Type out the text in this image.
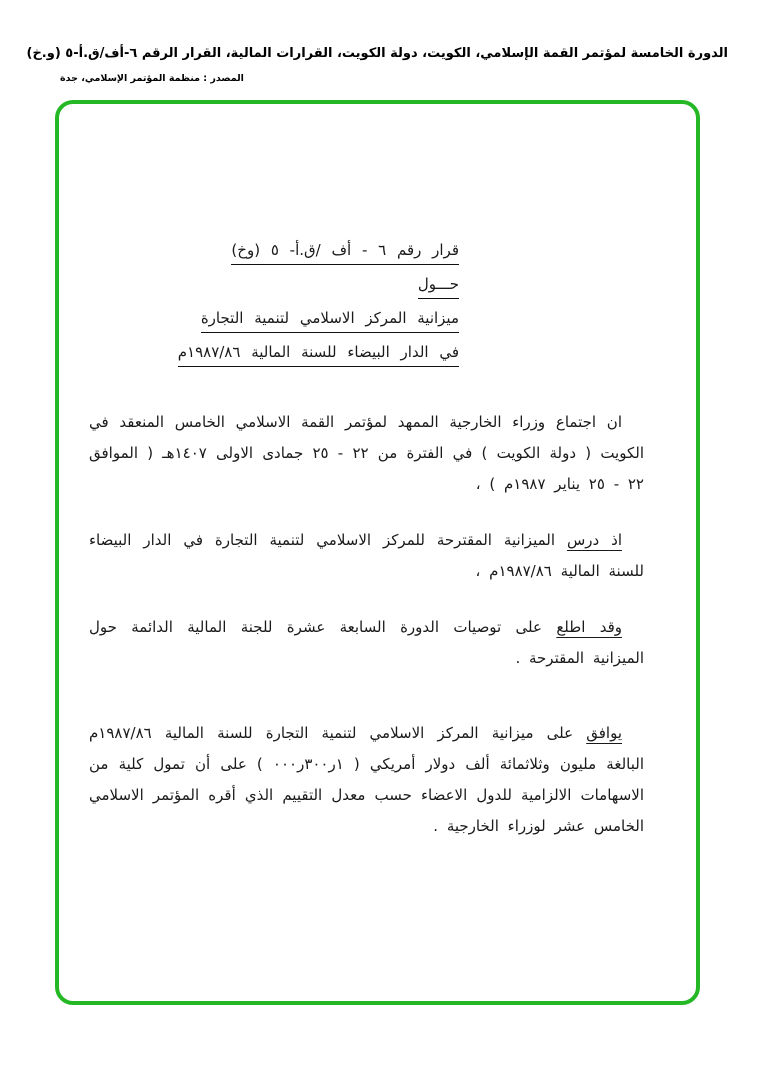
الدورة الخامسة لمؤتمر القمة الإسلامي، الكويت، دولة الكويت، القرارات المالية، القرار الرقم ٦-أف/ق.أ-٥ (و.خ)
المصدر : منظمة المؤتمر الإسلامي، جدة
قرار رقم ٦ - أف /ق.أ- ٥ (وخ)
حـــول
ميزانية المركز الاسلامي لتنمية التجارة
في الدار البيضاء للسنة المالية ١٩٨٧/٨٦م

ان اجتماع وزراء الخارجية الممهد لمؤتمر القمة الاسلامي الخامس المنعقد في الكويت ( دولة الكويت ) في الفترة من ٢٢ - ٢٥ جمادى الاولى ١٤٠٧هـ ( الموافق ٢٢ - ٢٥ يناير ١٩٨٧م ) ،

اذ درس الميزانية المقترحة للمركز الاسلامي لتنمية التجارة في الدار البيضاء للسنة المالية ١٩٨٧/٨٦م ،

وقد اطلع على توصيات الدورة السابعة عشرة للجنة المالية الدائمة حول الميزانية المقترحة .

يوافق على ميزانية المركز الاسلامي لتنمية التجارة للسنة المالية ١٩٨٧/٨٦م البالغة مليون وثلاثمائة ألف دولار أمريكي ( ١ر٣٠٠ر٠٠٠ ) على أن تمول كلية من الاسهامات الالزامية للدول الاعضاء حسب معدل التقييم الذي أقره المؤتمر الاسلامي الخامس عشر لوزراء الخارجية .
